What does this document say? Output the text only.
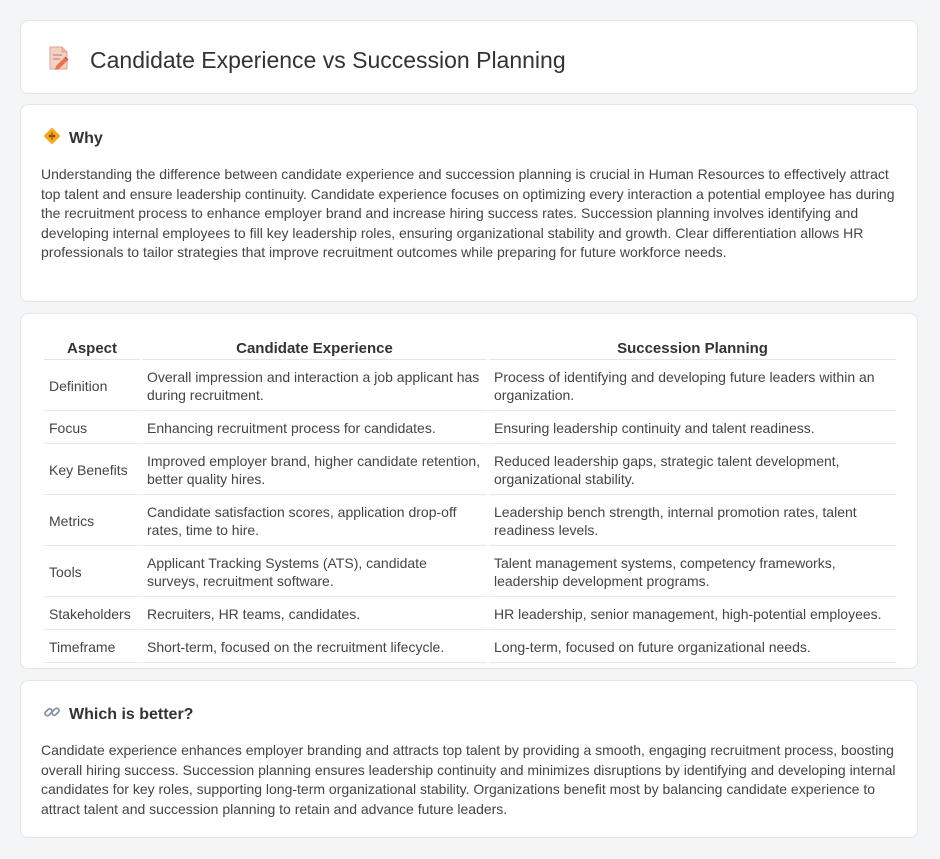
Candidate Experience vs Succession Planning
Why

Understanding the difference between candidate experience and succession planning is crucial in Human Resources to effectively attract top talent and ensure leadership continuity. Candidate experience focuses on optimizing every interaction a potential employee has during the recruitment process to enhance employer brand and increase hiring success rates. Succession planning involves identifying and developing internal employees to fill key leadership roles, ensuring organizational stability and growth. Clear differentiation allows HR professionals to tailor strategies that improve recruitment outcomes while preparing for future workforce needs.

Aspect	Candidate Experience	Succession Planning
Definition	Overall impression and interaction a job applicant has during recruitment.	Process of identifying and developing future leaders within an organization.
Focus	Enhancing recruitment process for candidates.	Ensuring leadership continuity and talent readiness.
Key Benefits	Improved employer brand, higher candidate retention, better quality hires.	Reduced leadership gaps, strategic talent development, organizational stability.
Metrics	Candidate satisfaction scores, application drop-off rates, time to hire.	Leadership bench strength, internal promotion rates, talent readiness levels.
Tools	Applicant Tracking Systems (ATS), candidate surveys, recruitment software.	Talent management systems, competency frameworks, leadership development programs.
Stakeholders	Recruiters, HR teams, candidates.	HR leadership, senior management, high-potential employees.
Timeframe	Short-term, focused on the recruitment lifecycle.	Long-term, focused on future organizational needs.
Which is better?

Candidate experience enhances employer branding and attracts top talent by providing a smooth, engaging recruitment process, boosting overall hiring success. Succession planning ensures leadership continuity and minimizes disruptions by identifying and developing internal candidates for key roles, supporting long-term organizational stability. Organizations benefit most by balancing candidate experience to attract talent and succession planning to retain and advance future leaders.
